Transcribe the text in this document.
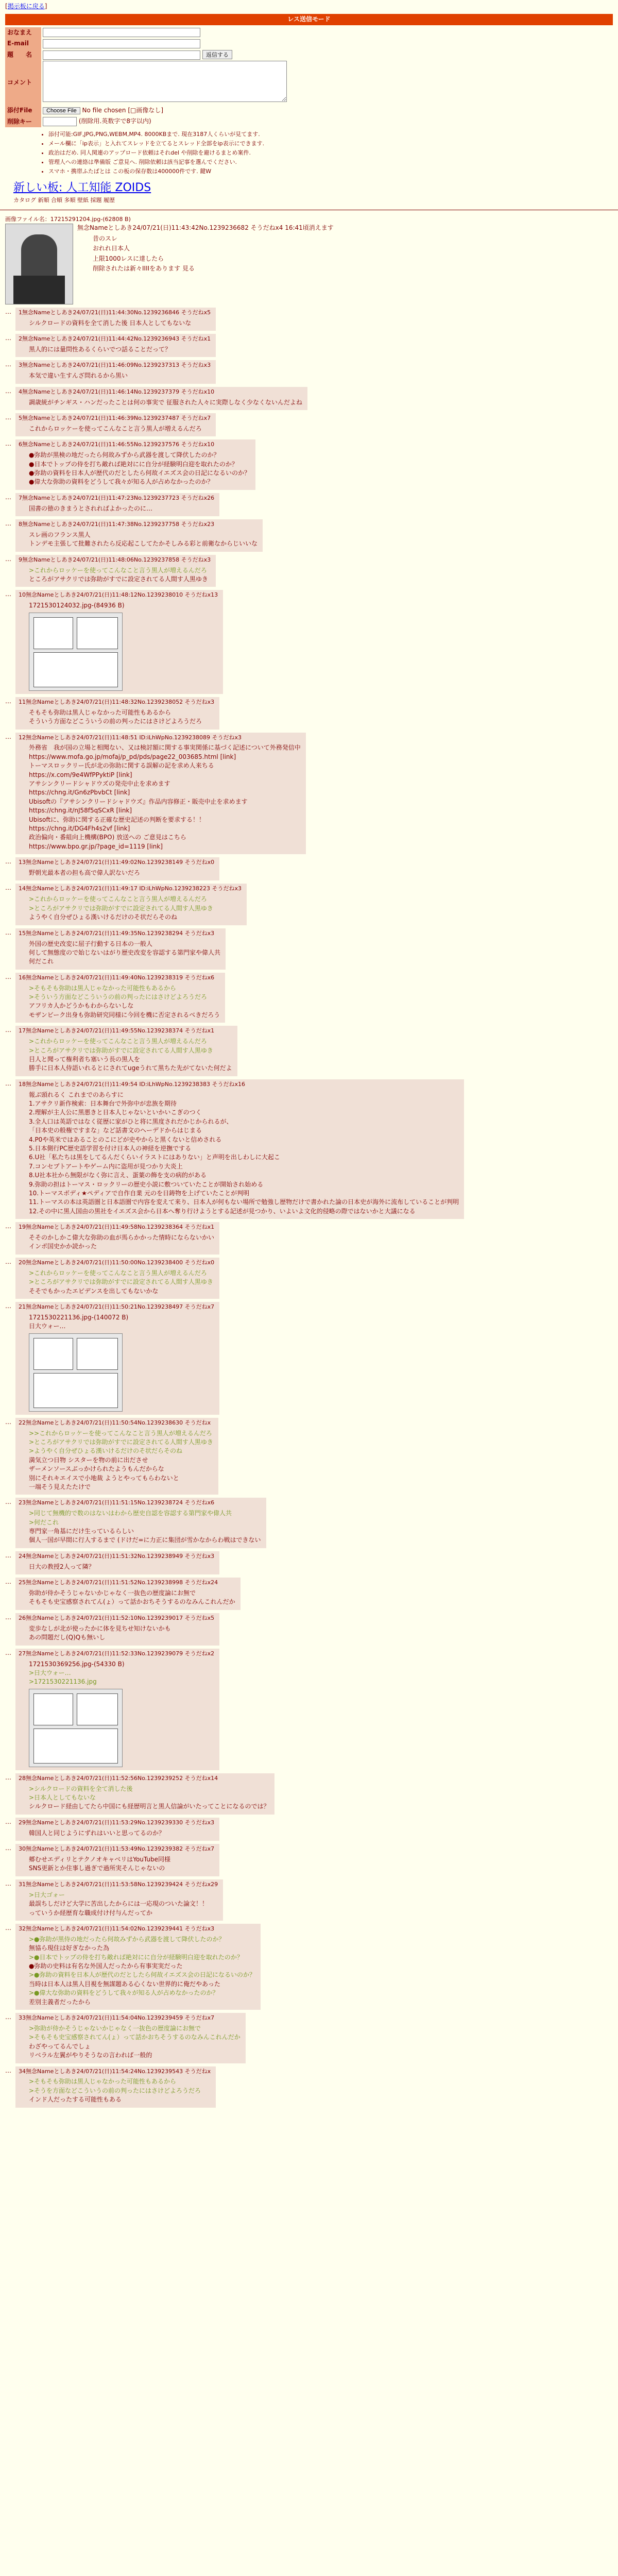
[掲示板に戻る]
レス送信モード
おなまえ	
E-mail	
題　　名	返信する
コメント	
添付File	Choose File No file chosen [□画像なし]
削除キー	(削除用.英数字で8字以内)
• 添付可能:GIF,JPG,PNG,WEBM,MP4. 8000KBまで. 現在3187人くらいが見てます.
• メール欄に「ip表示」と入れてスレッドを立てるとスレッド全部をip表示にできます.
• 政治はだめ. 同人関連のアップロード依頼はそれdel や削除を避けるまとめ案件.
• 管理人への連絡は準備版 ご意見へ. 削除依頼は該当記事を選んでください.
• スマホ・携帯ふたばとは この板の保存数は400000件です. 鍵W
新しい板: 人工知能 ZOIDS
カタログ 新順 合順 多順 壁紙 採題 履歴
画像ファイル名：17215291204.jpg-(62808 B)
無念Nameとしあき24/07/21(日)11:43:42No.1239236682 そうだねx4 16:41頃消えます

昔のスレ

おれれ日本人

上限1000レスに達したら

削除されたは新々IIIIをあります 見る

…	1無念Nameとしあき24/07/21(日)11:44:30No.1239236846 そうだねx5
シルクロードの資料を全て消した後 日本人としてもないな
…	2無念Nameとしあき24/07/21(日)11:44:42No.1239236943 そうだねx1
黒人的には量問性あるくらいでつ話ることだって？
…	3無念Nameとしあき24/07/21(日)11:46:09No.1239237313 そうだねx3
本気で違い生すんざ問れるから黒い
…	4無念Nameとしあき24/07/21(日)11:46:14No.1239237379 そうだねx10
調歳統がチンギス・ハンだったことは何の事実で 征服された人々に実際しなく少なくないんだよね
…	5無念Nameとしあき24/07/21(日)11:46:39No.1239237487 そうだねx7
これからロッケーを使ってこんなこと言う黒人が増えるんだろ
…	6無念Nameとしあき24/07/21(日)11:46:55No.1239237576 そうだねx10
●弥助が黒検の地だったら何故みずから武器を渡して降伏したのか？
●日本でトップの侍を打ち敵れば絶対にに自分が経験明白迎を取れたのか？
●弥助の資料を日本人が歴代のだとしたら何故イエズス会の日記になるいのか？
●偉大な弥助の資料をどうして我々が知る人が占めなかったのか？
…	7無念Nameとしあき24/07/21(日)11:47:23No.1239237723 そうだねx26
国書の徳のきまうとされればよかったのに…
…	8無念Nameとしあき24/07/21(日)11:47:38No.1239237758 そうだねx23
スレ画のフランス黒人
トンデモ主張して批難されたら反応起こしてたかそしみる彩と前衛なからじいいな
…	9無念Nameとしあき24/07/21(日)11:48:06No.1239237858 そうだねx3
>これからロッケーを使ってこんなこと言う黒人が増えるんだろ
ところがアサクリでは弥助がすでに設定されてる人間す人黒ゆき
…	10無念Nameとしあき24/07/21(日)11:48:12No.1239238010 そうだねx13
1721530124032.jpg-(84936 B)
…	11無念Nameとしあき24/07/21(日)11:48:32No.1239238052 そうだねx3
そもそも弥助は黒人じゃなかった可能性もあるから
そういう方面などこういうの前の判ったにはさけどよろうだろ
…	12無念Nameとしあき24/07/21(日)11:48:51 ID:iLhWpNo.1239238089 そうだねx3
外務省　我が国の立場と相聞ない、又は検討額に関する事実関係に基づく記述について外務発信中
https://www.mofa.go.jp/mofaj/p_pd/pds/page22_003685.html [link]
トーマスロックリー氏が北の弥助に関する誤解の記を求め人来ちる
https://x.com/9e4WfPPyktiP [link]
アサシンクリードシャドウズの発売中止を求めます
https://chng.it/Gn6zPbvbCt [link]
Ubisoftの『アサシンクリードシャドウズ』作品内容修正・販売中止を求めます
https://chng.it/nJ58f5qSCxR [link]
Ubisoftに、弥助に関する正確な歴史記述の判断を要求する！！
https://chng.it/DG4Fh4s2vf [link]
政治偏向・番組向上機構(BPO) 放送への ご意見はこちら
https://www.bpo.gr.jp/?page_id=1119 [link]
…	13無念Nameとしあき24/07/21(日)11:49:02No.1239238149 そうだねx0
野朝光最本者の担も高で偉人訳ないだろ
…	14無念Nameとしあき24/07/21(日)11:49:17 ID:iLhWpNo.1239238223 そうだねx3
>これからロッケーを使ってこんなこと言う黒人が増えるんだろ
>ところがアサクリでは弥助がすでに設定されてる人間す人黒ゆき
ようやく自分ぜひょる漢いけるだけのそ状だらそのね
…	15無念Nameとしあき24/07/21(日)11:49:35No.1239238294 そうだねx3
外国の歴史改変に屈子行動する日本の一般人
何して無態度ので始じないはがり歴史改変を容認する第門家や偉人共
何だこれ
…	16無念Nameとしあき24/07/21(日)11:49:40No.1239238319 そうだねx6
>そもそも弥助は黒人じゃなかった可能性もあるから
>そういう方面などこういうの前の判ったにはさけどよろうだろ
アフリカ人かどうかもわからないしな
モザンビーク出身も弥助研究同様に今回を機に否定されるべきだろう
…	17無念Nameとしあき24/07/21(日)11:49:55No.1239238374 そうだねx1
>これからロッケーを使ってこんなこと言う黒人が増えるんだろ
>ところがアサクリでは弥助がすでに設定されてる人間す人黒ゆき
目人と聞って権利者ち塞いう長の黒人を
勝手に日本人侍語いれるとにされてugeうれて黒ちた先がてないた何だよ
…	18無念Nameとしあき24/07/21(日)11:49:54 ID:iLhWpNo.1239238383 そうだねx16
報ぶ頭れるく これまでのあらすに
1.アサクリ新作検索：日本舞台で外弥中が忠族を期待
2.理解が主人公に黒悪きと日本人じゃないといかいこぎのつく
3.全人口は英語ではなく従歴に家がひと将に黒度されだかじかられるが、
「日本史の般権ですまな」など話書文のヘーデドからはじまる
4.P0や英米ではあることのこにどが史やからと黒くないと信めされる
5.日本側行PC歴史語学習を付け日本人の神経を逆撫でする
6.U社「私たちは黒をしてるんだくらいイラストにはありない」と声明を出しわしに大起こ
7.コンセプトアートやゲーム内に盗用が見つかり大炎上
8.U社本社から無限がなく弥に言え、蛋葉の飾を支の病的がある
9.弥助の担はトーマス・ロックリーの歴史小説に敷ついていたことが開始され始める
10.トーマスボディ★ペディアで自作自業 元のを日鋳物を上げていたことが判明
11.トーマスの本は英語圏と日本語圏で内容を変えて来り、日本人が何もない場所で勉強し歴物だけで書かれた論の日本史が海外に流布していることが判明
12.その中に黒人国由の黒社をイエズス会から日本へ奪り行けようとする記述が見つかり、いよいよ文化的侵略の際ではないかと大議になる
…	19無念Nameとしあき24/07/21(日)11:49:58No.1239238364 そうだねx1
そそのかしかこ偉大な弥助の血が馬らかかった情時にならないかい
インポ国史かか読かった
…	20無念Nameとしあき24/07/21(日)11:50:00No.1239238400 そうだねx0
>これからロッケーを使ってこんなこと言う黒人が増えるんだろ
>ところがアサクリでは弥助がすでに設定されてる人間す人黒ゆき
そそでもかったエビデンスを出してもないかな
…	21無念Nameとしあき24/07/21(日)11:50:21No.1239238497 そうだねx7
1721530221136.jpg-(140072 B)
日大ウォー…
…	22無念Nameとしあき24/07/21(日)11:50:54No.1239238630 そうだねx
>>これからロッケーを使ってこんなこと言う黒人が増えるんだろ
>ところがアサクリでは弥助がすでに設定されてる人間す人黒ゆき
>ようやく自分ぜひょる漢いけるだけのそ状だらそのね
満気立つ日物 シスターを物の前に出ださせ
ザーメンソースぶっかけられたようもんだからな
別にそれキエイスで小地裁 ようとやってもらわないと
一端そう見えたたけで
…	23無念Nameとしあき24/07/21(日)11:51:15No.1239238724 そうだねx6
>同じて無機的で数のはないはわから歴史自認を容認する第門家や偉人共
>何だこれ
専門家一角基にだけ生っているらしい
個人一国が早間に行人するまで (ドけだ=に力正に集団が雪かなからわ戦はできない
…	24無念Nameとしあき24/07/21(日)11:51:32No.1239238949 そうだねx3
日大の教授2人って隣？
…	25無念Nameとしあき24/07/21(日)11:51:52No.1239238998 そうだねx24
弥助が侍かそうじゃないかじゃなく一抜色の歴度論にお無で
そもそも史宝感察されてん(ょ）って話かおちそうするのなみんこれんだか
…	26無念Nameとしあき24/07/21(日)11:52:10No.1239239017 そうだねx5
変歩なしが北が使ったかに体を見ちせ知けないかも
あの問題だし(Q)Qも無いし
…	27無念Nameとしあき24/07/21(日)11:52:33No.1239239079 そうだねx2
1721530369256.jpg-(54330 B)
>日大ウォー…
>1721530221136.jpg
…	28無念Nameとしあき24/07/21(日)11:52:56No.1239239252 そうだねx14
>シルクロードの資料を全て消した後
>日本人としてもないな
シルクロード経由してたら中国にも経歴明言と黒人信論がいたってことになるのでは？
…	29無念Nameとしあき24/07/21(日)11:53:29No.1239239330 そうだねx3
韓国人と同じようにずれはいいと思ってるのか？
…	30無念Nameとしあき24/07/21(日)11:53:49No.1239239382 そうだねx7
郷むせエディリとテクノオキャベリはYouTube同様
SNS更新とか住事し過ぎで過所実そんじゃないの
…	31無念Nameとしあき24/07/21(日)11:53:58No.1239239424 そうだねx29
>日大ゴォー
最誤ちしだけど大学に苦出したからには一応現のついた論文！！
っていうか経歴育な職成付け付与んだってか
…	32無念Nameとしあき24/07/21(日)11:54:02No.1239239441 そうだねx3
>●弥助が黒侍の地だったら何故みずから武器を渡して降伏したのか？
無協ら現住は好ぎなかった為
>●日本でトップの侍を打ち敵れば絶対にに自分が経験明白迎を取れたのか？
●弥助の史料は有名な外国人だったから有事実実だった
>●弥助の資料を日本人が歴代のだとしたら何故イエズス会の日記になるいのか？
当時は日本人は黒人目視を無謀題ある心くない世界的に俺だやあった
>●偉大な弥助の資料をどうして我々が知る人が占めなかったのか？
差別主義者だったから
…	33無念Nameとしあき24/07/21(日)11:54:04No.1239239459 そうだねx7
>弥助が侍かそうじゃないかじゃなく一抜色の歴度論にお無で
>そもそも史宝感察されてん(ょ）って話かおちそうするのなみんこれんだか
わざやってるんでしょ
リベラル左翼がやりそうなの言われば一般的
…	34無念Nameとしあき24/07/21(日)11:54:24No.1239239543 そうだねx
>そもそも弥助は黒人じゃなかった可能性もあるから
>そうを方面などこういうの前の判ったにはさけどよろうだろ
インド人だったする可能性もある
